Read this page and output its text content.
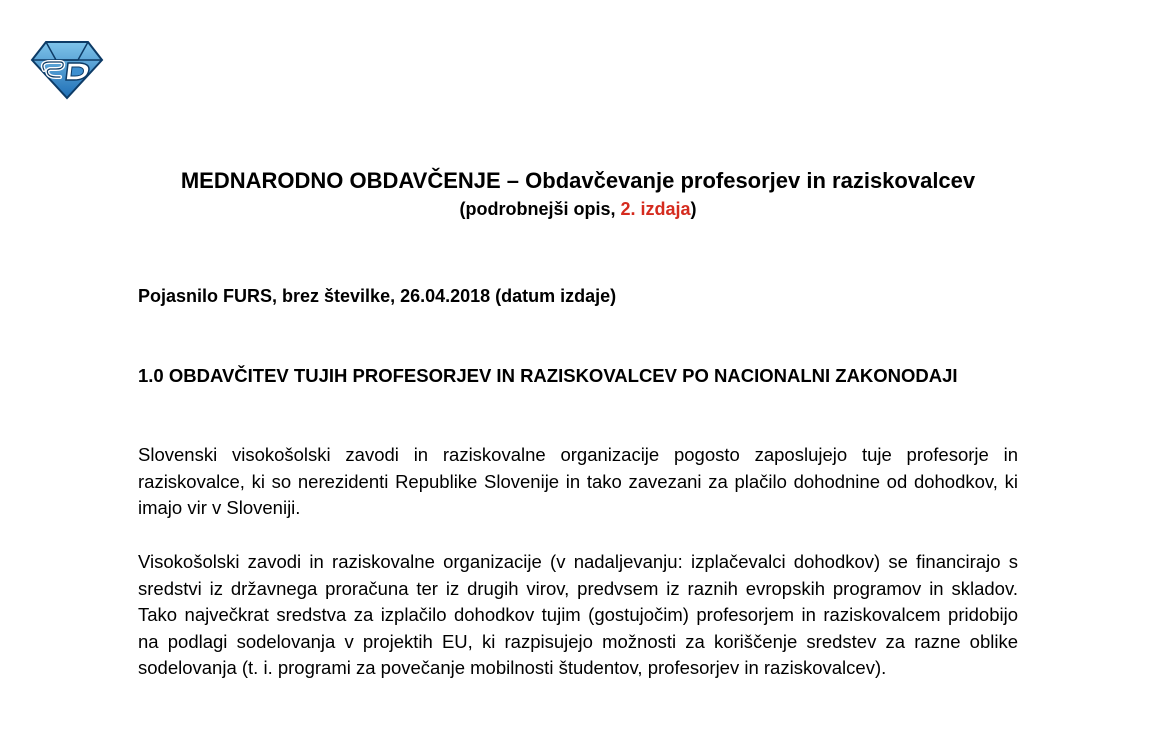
MEDNARODNO OBDAVČENJE – Obdavčevanje profesorjev in raziskovalcev

(podrobnejši opis, 2. izdaja)

Pojasnilo FURS, brez številke, 26.04.2018 (datum izdaje)

1.0 OBDAVČITEV TUJIH PROFESORJEV IN RAZISKOVALCEV PO NACIONALNI ZAKONODAJI

Slovenski visokošolski zavodi in raziskovalne organizacije pogosto zaposlujejo tuje profesorje in raziskovalce, ki so nerezidenti Republike Slovenije in tako zavezani za plačilo dohodnine od dohodkov, ki imajo vir v Sloveniji.

Visokošolski zavodi in raziskovalne organizacije (v nadaljevanju: izplačevalci dohodkov) se financirajo s sredstvi iz državnega proračuna ter iz drugih virov, predvsem iz raznih evropskih programov in skladov. Tako največkrat sredstva za izplačilo dohodkov tujim (gostujočim) profesorjem in raziskovalcem pridobijo na podlagi sodelovanja v projektih EU, ki razpisujejo možnosti za koriščenje sredstev za razne oblike sodelovanja (t. i. programi za povečanje mobilnosti študentov, profesorjev in raziskovalcev).
